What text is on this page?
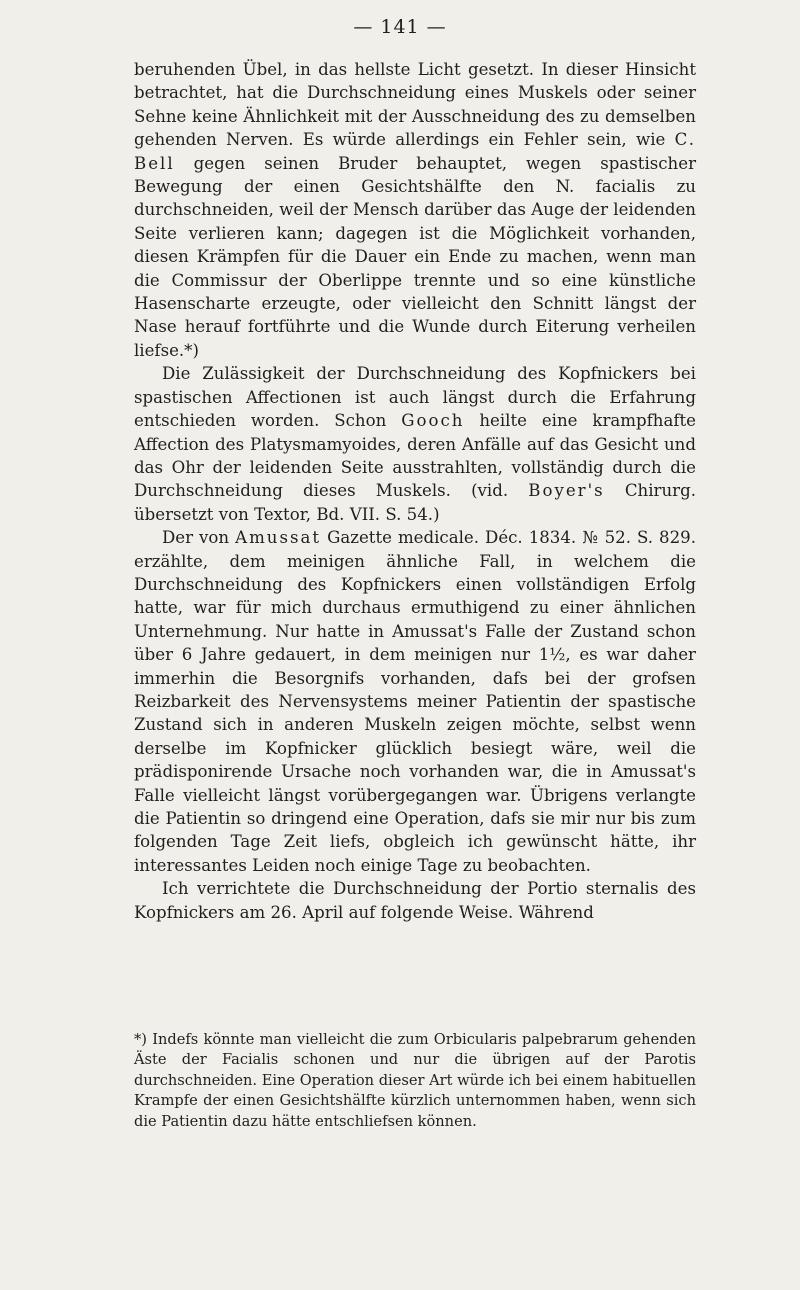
— 141 —

beruhenden Übel, in das hellste Licht gesetzt. In dieser Hinsicht betrachtet, hat die Durchschneidung eines Muskels oder seiner Sehne keine Ähnlichkeit mit der Ausschneidung des zu demselben gehenden Nerven. Es würde allerdings ein Fehler sein, wie C. Bell gegen seinen Bruder behauptet, wegen spastischer Bewegung der einen Gesichtshälfte den N. facialis zu durchschneiden, weil der Mensch darüber das Auge der leidenden Seite verlieren kann; dagegen ist die Möglichkeit vorhanden, diesen Krämpfen für die Dauer ein Ende zu machen, wenn man die Commissur der Oberlippe trennte und so eine künstliche Hasenscharte erzeugte, oder vielleicht den Schnitt längst der Nase herauf fortführte und die Wunde durch Eiterung verheilen liefse.*)

Die Zulässigkeit der Durchschneidung des Kopfnickers bei spastischen Affectionen ist auch längst durch die Erfahrung entschieden worden. Schon Gooch heilte eine krampfhafte Affection des Platysmamyoides, deren Anfälle auf das Gesicht und das Ohr der leidenden Seite ausstrahlten, vollständig durch die Durchschneidung dieses Muskels. (vid. Boyer's Chirurg. übersetzt von Textor, Bd. VII. S. 54.)

Der von Amussat Gazette medicale. Déc. 1834. № 52. S. 829. erzählte, dem meinigen ähnliche Fall, in welchem die Durchschneidung des Kopfnickers einen vollständigen Erfolg hatte, war für mich durchaus ermuthigend zu einer ähnlichen Unternehmung. Nur hatte in Amussat's Falle der Zustand schon über 6 Jahre gedauert, in dem meinigen nur 1½, es war daher immerhin die Besorgnifs vorhanden, dafs bei der grofsen Reizbarkeit des Nervensystems meiner Patientin der spastische Zustand sich in anderen Muskeln zeigen möchte, selbst wenn derselbe im Kopfnicker glücklich besiegt wäre, weil die prädisponirende Ursache noch vorhanden war, die in Amussat's Falle vielleicht längst vorübergegangen war. Übrigens verlangte die Patientin so dringend eine Operation, dafs sie mir nur bis zum folgenden Tage Zeit liefs, obgleich ich gewünscht hätte, ihr interessantes Leiden noch einige Tage zu beobachten.

Ich verrichtete die Durchschneidung der Portio sternalis des Kopfnickers am 26. April auf folgende Weise. Während

*) Indefs könnte man vielleicht die zum Orbicularis palpebrarum gehenden Äste der Facialis schonen und nur die übrigen auf der Parotis durchschneiden. Eine Operation dieser Art würde ich bei einem habituellen Krampfe der einen Gesichtshälfte kürzlich unternommen haben, wenn sich die Patientin dazu hätte entschliefsen können.
